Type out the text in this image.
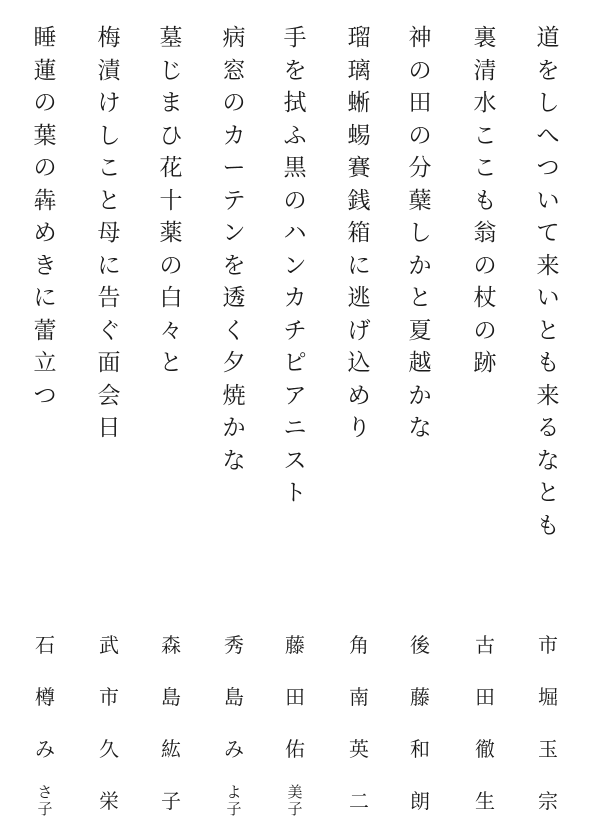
道
を
し
へ
つ
い
て
来
い
と
も
来
る
な
と
も
市
堀
玉
宗
裏
清
水
こ
こ
も
翁
の
杖
の
跡
古
田
徹
生
神
の
田
の
分
蘖
し
か
と
夏
越
か
な
後
藤
和
朗
瑠
璃
蜥
蜴
賽
銭
箱
に
逃
げ
込
め
り
角
南
英
二
手
を
拭
ふ
黒
の
ハ
ン
カ
チ
ピ
ア
ニ
ス
ト
藤
田
佑
美
子
病
窓
の
カ
ー
テ
ン
を
透
く
夕
焼
か
な
秀
島
み
よ
子
墓
じ
ま
ひ
花
十
薬
の
白
々
と
森
島
紘
子
梅
漬
け
し
こ
と
母
に
告
ぐ
面
会
日
武
市
久
栄
睡
蓮
の
葉
の
犇
め
き
に
蕾
立
つ
石
樽
み
さ
子
